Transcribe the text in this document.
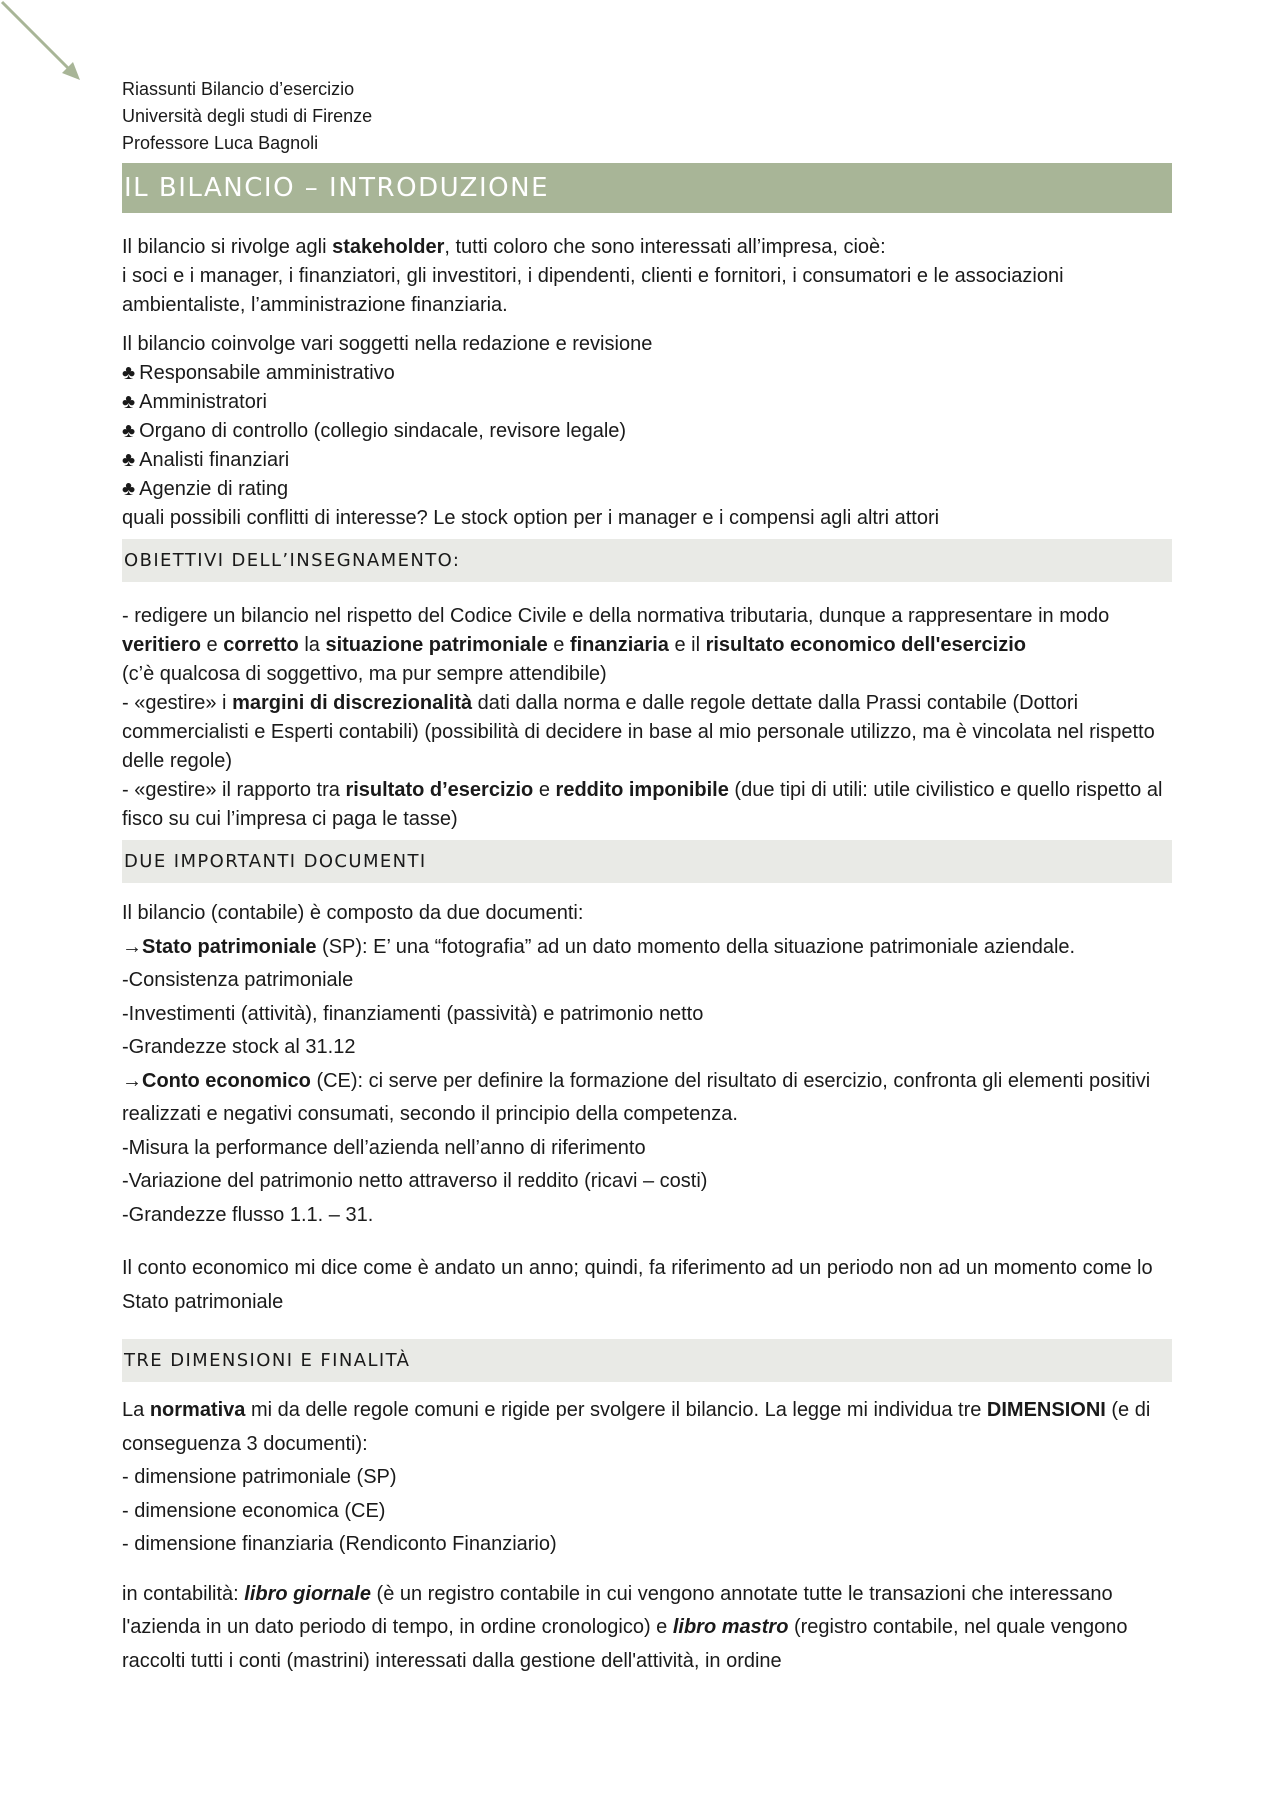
Riassunti Bilancio d’esercizio

Università degli studi di Firenze

Professore Luca Bagnoli

IL BILANCIO – INTRODUZIONE

Il bilancio si rivolge agli stakeholder, tutti coloro che sono interessati all’impresa, cioè:

i soci e i manager, i finanziatori, gli investitori, i dipendenti, clienti e fornitori, i consumatori e le associazioni ambientaliste, l’amministrazione finanziaria.

Il bilancio coinvolge vari soggetti nella redazione e revisione

♣ Responsabile amministrativo

♣ Amministratori

♣ Organo di controllo (collegio sindacale, revisore legale)

♣ Analisti finanziari

♣ Agenzie di rating

quali possibili conflitti di interesse? Le stock option per i manager e i compensi agli altri attori

OBIETTIVI DELL’INSEGNAMENTO:

- redigere un bilancio nel rispetto del Codice Civile e della normativa tributaria, dunque a rappresentare in modo veritiero e corretto la situazione patrimoniale e finanziaria e il risultato economico dell'esercizio
(c’è qualcosa di soggettivo, ma pur sempre attendibile)

- «gestire» i margini di discrezionalità dati dalla norma e dalle regole dettate dalla Prassi contabile (Dottori commercialisti e Esperti contabili) (possibilità di decidere in base al mio personale utilizzo, ma è vincolata nel rispetto delle regole)

- «gestire» il rapporto tra risultato d’esercizio e reddito imponibile (due tipi di utili: utile civilistico e quello rispetto al fisco su cui l’impresa ci paga le tasse)

DUE IMPORTANTI DOCUMENTI

Il bilancio (contabile) è composto da due documenti:

→Stato patrimoniale (SP): E’ una “fotografia” ad un dato momento della situazione patrimoniale aziendale.

-Consistenza patrimoniale

-Investimenti (attività), finanziamenti (passività) e patrimonio netto

-Grandezze stock al 31.12

→Conto economico (CE): ci serve per definire la formazione del risultato di esercizio, confronta gli elementi positivi realizzati e negativi consumati, secondo il principio della competenza.

-Misura la performance dell’azienda nell’anno di riferimento

-Variazione del patrimonio netto attraverso il reddito (ricavi – costi)

-Grandezze flusso 1.1. – 31.

Il conto economico mi dice come è andato un anno; quindi, fa riferimento ad un periodo non ad un momento come lo Stato patrimoniale

TRE DIMENSIONI E FINALITÀ

La normativa mi da delle regole comuni e rigide per svolgere il bilancio. La legge mi individua tre DIMENSIONI (e di conseguenza 3 documenti):

- dimensione patrimoniale (SP)

- dimensione economica (CE)

- dimensione finanziaria (Rendiconto Finanziario)

in contabilità: libro giornale (è un registro contabile in cui vengono annotate tutte le transazioni che interessano l'azienda in un dato periodo di tempo, in ordine cronologico) e libro mastro (registro contabile, nel quale vengono raccolti tutti i conti (mastrini) interessati dalla gestione dell'attività, in ordine
